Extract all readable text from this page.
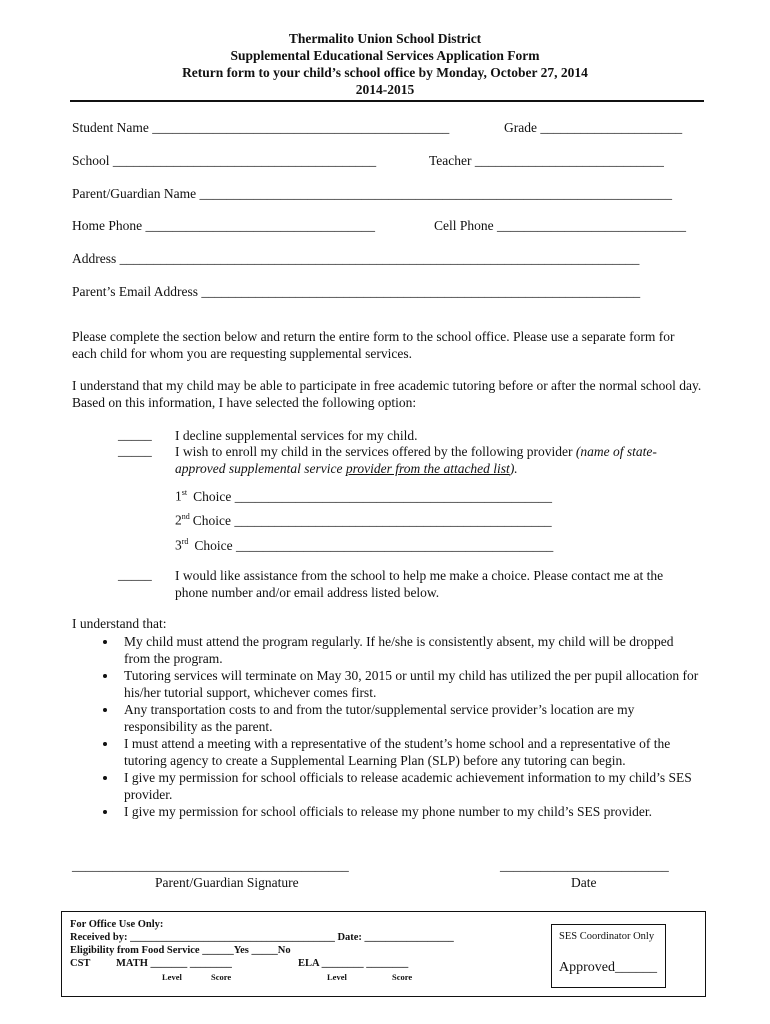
Thermalito Union School District
Supplemental Educational Services Application Form
Return form to your child’s school office by Monday, October 27, 2014
2014-2015
Student Name ____________________________________________	Grade _____________________
School _______________________________________	Teacher ____________________________
Parent/Guardian Name ______________________________________________________________________
Home Phone __________________________________	Cell Phone ____________________________
Address _____________________________________________________________________________
Parent’s Email Address _________________________________________________________________
Please complete the section below and return the entire form to the school office. Please use a separate form for each child for whom you are requesting supplemental services.
I understand that my child may be able to participate in free academic tutoring before or after the normal school day. Based on this information, I have selected the following option:
_____ I decline supplemental services for my child.
_____ I wish to enroll my child in the services offered by the following provider (name of state-approved supplemental service provider from the attached list).
1st Choice _______________________________________________
2nd Choice _______________________________________________
3rd Choice _______________________________________________
_____ I would like assistance from the school to help me make a choice. Please contact me at the phone number and/or email address listed below.
I understand that:
• My child must attend the program regularly. If he/she is consistently absent, my child will be dropped from the program.
• Tutoring services will terminate on May 30, 2015 or until my child has utilized the per pupil allocation for his/her tutorial support, whichever comes first.
• Any transportation costs to and from the tutor/supplemental service provider’s location are my responsibility as the parent.
• I must attend a meeting with a representative of the student’s home school and a representative of the tutoring agency to create a Supplemental Learning Plan (SLP) before any tutoring can begin.
• I give my permission for school officials to release academic achievement information to my child’s SES provider.
• I give my permission for school officials to release my phone number to my child’s SES provider.
_________________________________________
Parent/Guardian Signature
_________________________
Date
For Office Use Only:
Received by: _______________________________________ Date: _________________
Eligibility from Food Service ______Yes _____No
CST MATH _______ ________	ELA ________ ________
Level	Score	Level	Score
SES Coordinator Only
Approved______
